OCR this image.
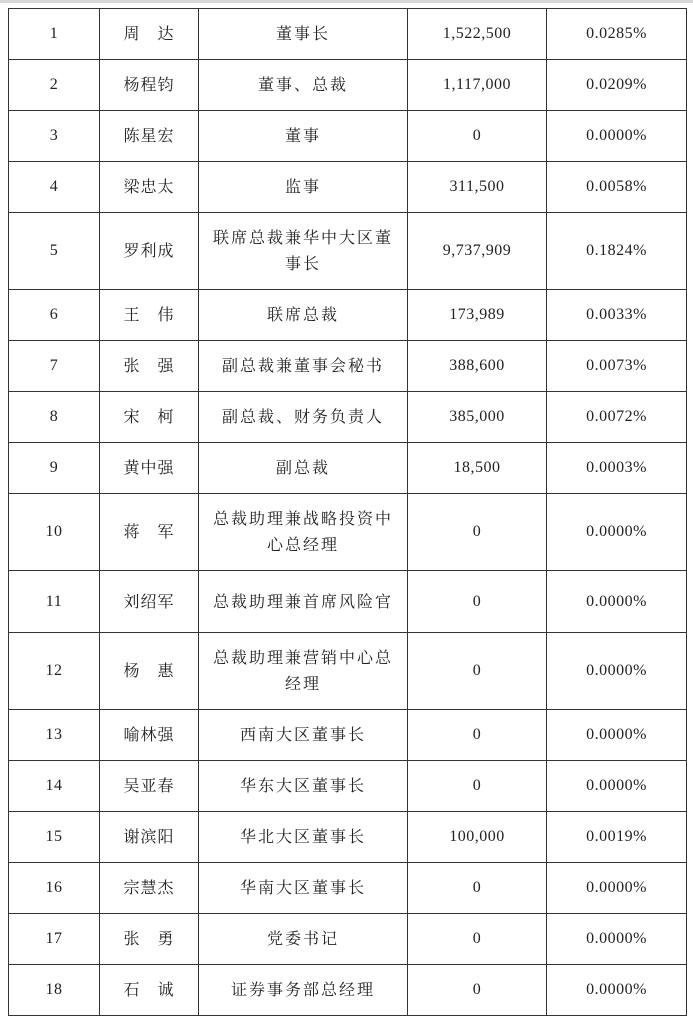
1	周　达	董事长	1,522,500	0.0285%
2	杨程钧	董事、总裁	1,117,000	0.0209%
3	陈星宏	董事	0	0.0000%
4	梁忠太	监事	311,500	0.0058%
5	罗利成	联席总裁兼华中大区董事长	9,737,909	0.1824%
6	王　伟	联席总裁	173,989	0.0033%
7	张　强	副总裁兼董事会秘书	388,600	0.0073%
8	宋　柯	副总裁、财务负责人	385,000	0.0072%
9	黄中强	副总裁	18,500	0.0003%
10	蒋　军	总裁助理兼战略投资中心总经理	0	0.0000%
11	刘绍军	总裁助理兼首席风险官	0	0.0000%
12	杨　惠	总裁助理兼营销中心总经理	0	0.0000%
13	喻林强	西南大区董事长	0	0.0000%
14	吴亚春	华东大区董事长	0	0.0000%
15	谢滨阳	华北大区董事长	100,000	0.0019%
16	宗慧杰	华南大区董事长	0	0.0000%
17	张　勇	党委书记	0	0.0000%
18	石　诚	证券事务部总经理	0	0.0000%
